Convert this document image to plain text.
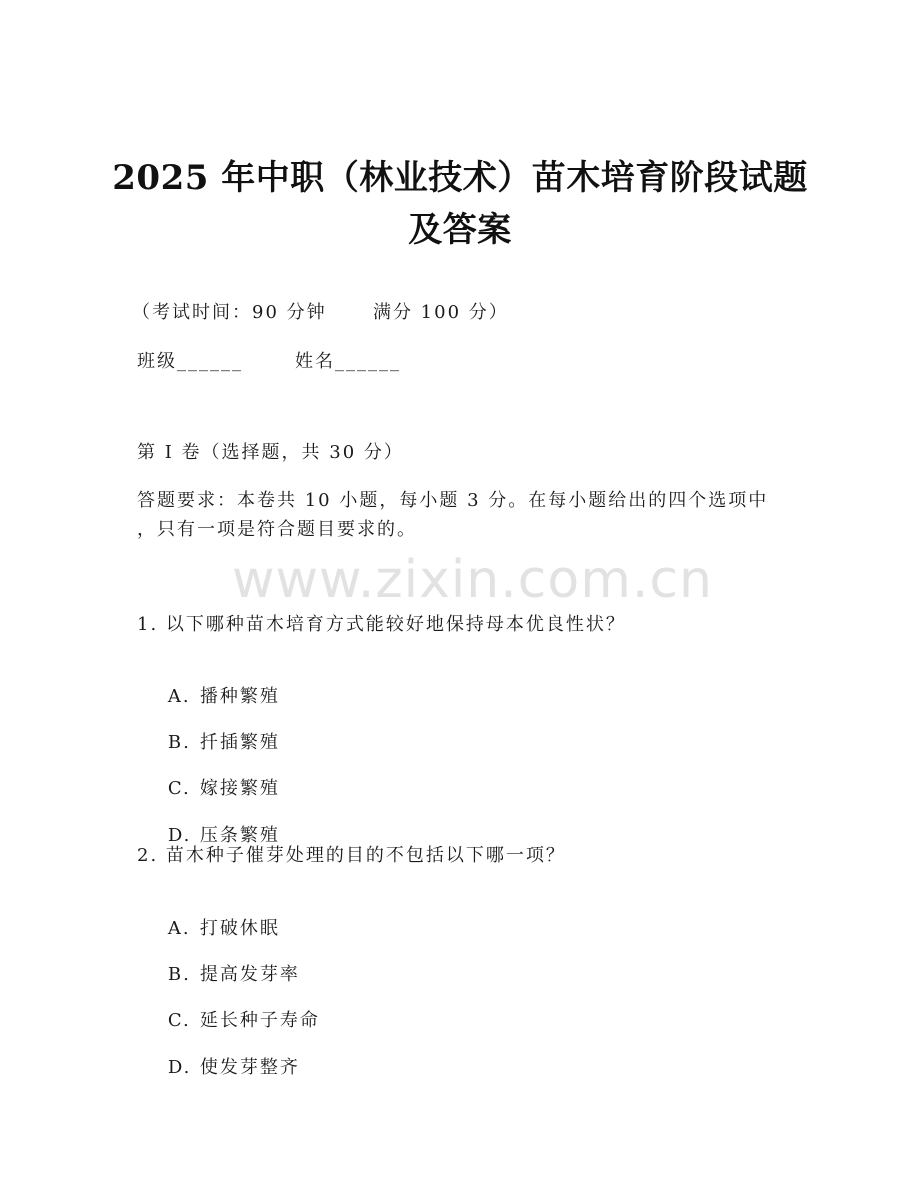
2025 年中职（林业技术）苗木培育阶段试题
及答案
（考试时间：90 分钟      满分 100 分）
班级______	姓名______
第 I 卷（选择题，共 30 分）
答题要求：本卷共 10 小题，每小题 3 分。在每小题给出的四个选项中
，只有一项是符合题目要求的。
www.zixin.com.cn
1. 以下哪种苗木培育方式能较好地保持母本优良性状？

A. 播种繁殖

B. 扦插繁殖

C. 嫁接繁殖

D. 压条繁殖

2. 苗木种子催芽处理的目的不包括以下哪一项？

A. 打破休眠

B. 提高发芽率

C. 延长种子寿命

D. 使发芽整齐
